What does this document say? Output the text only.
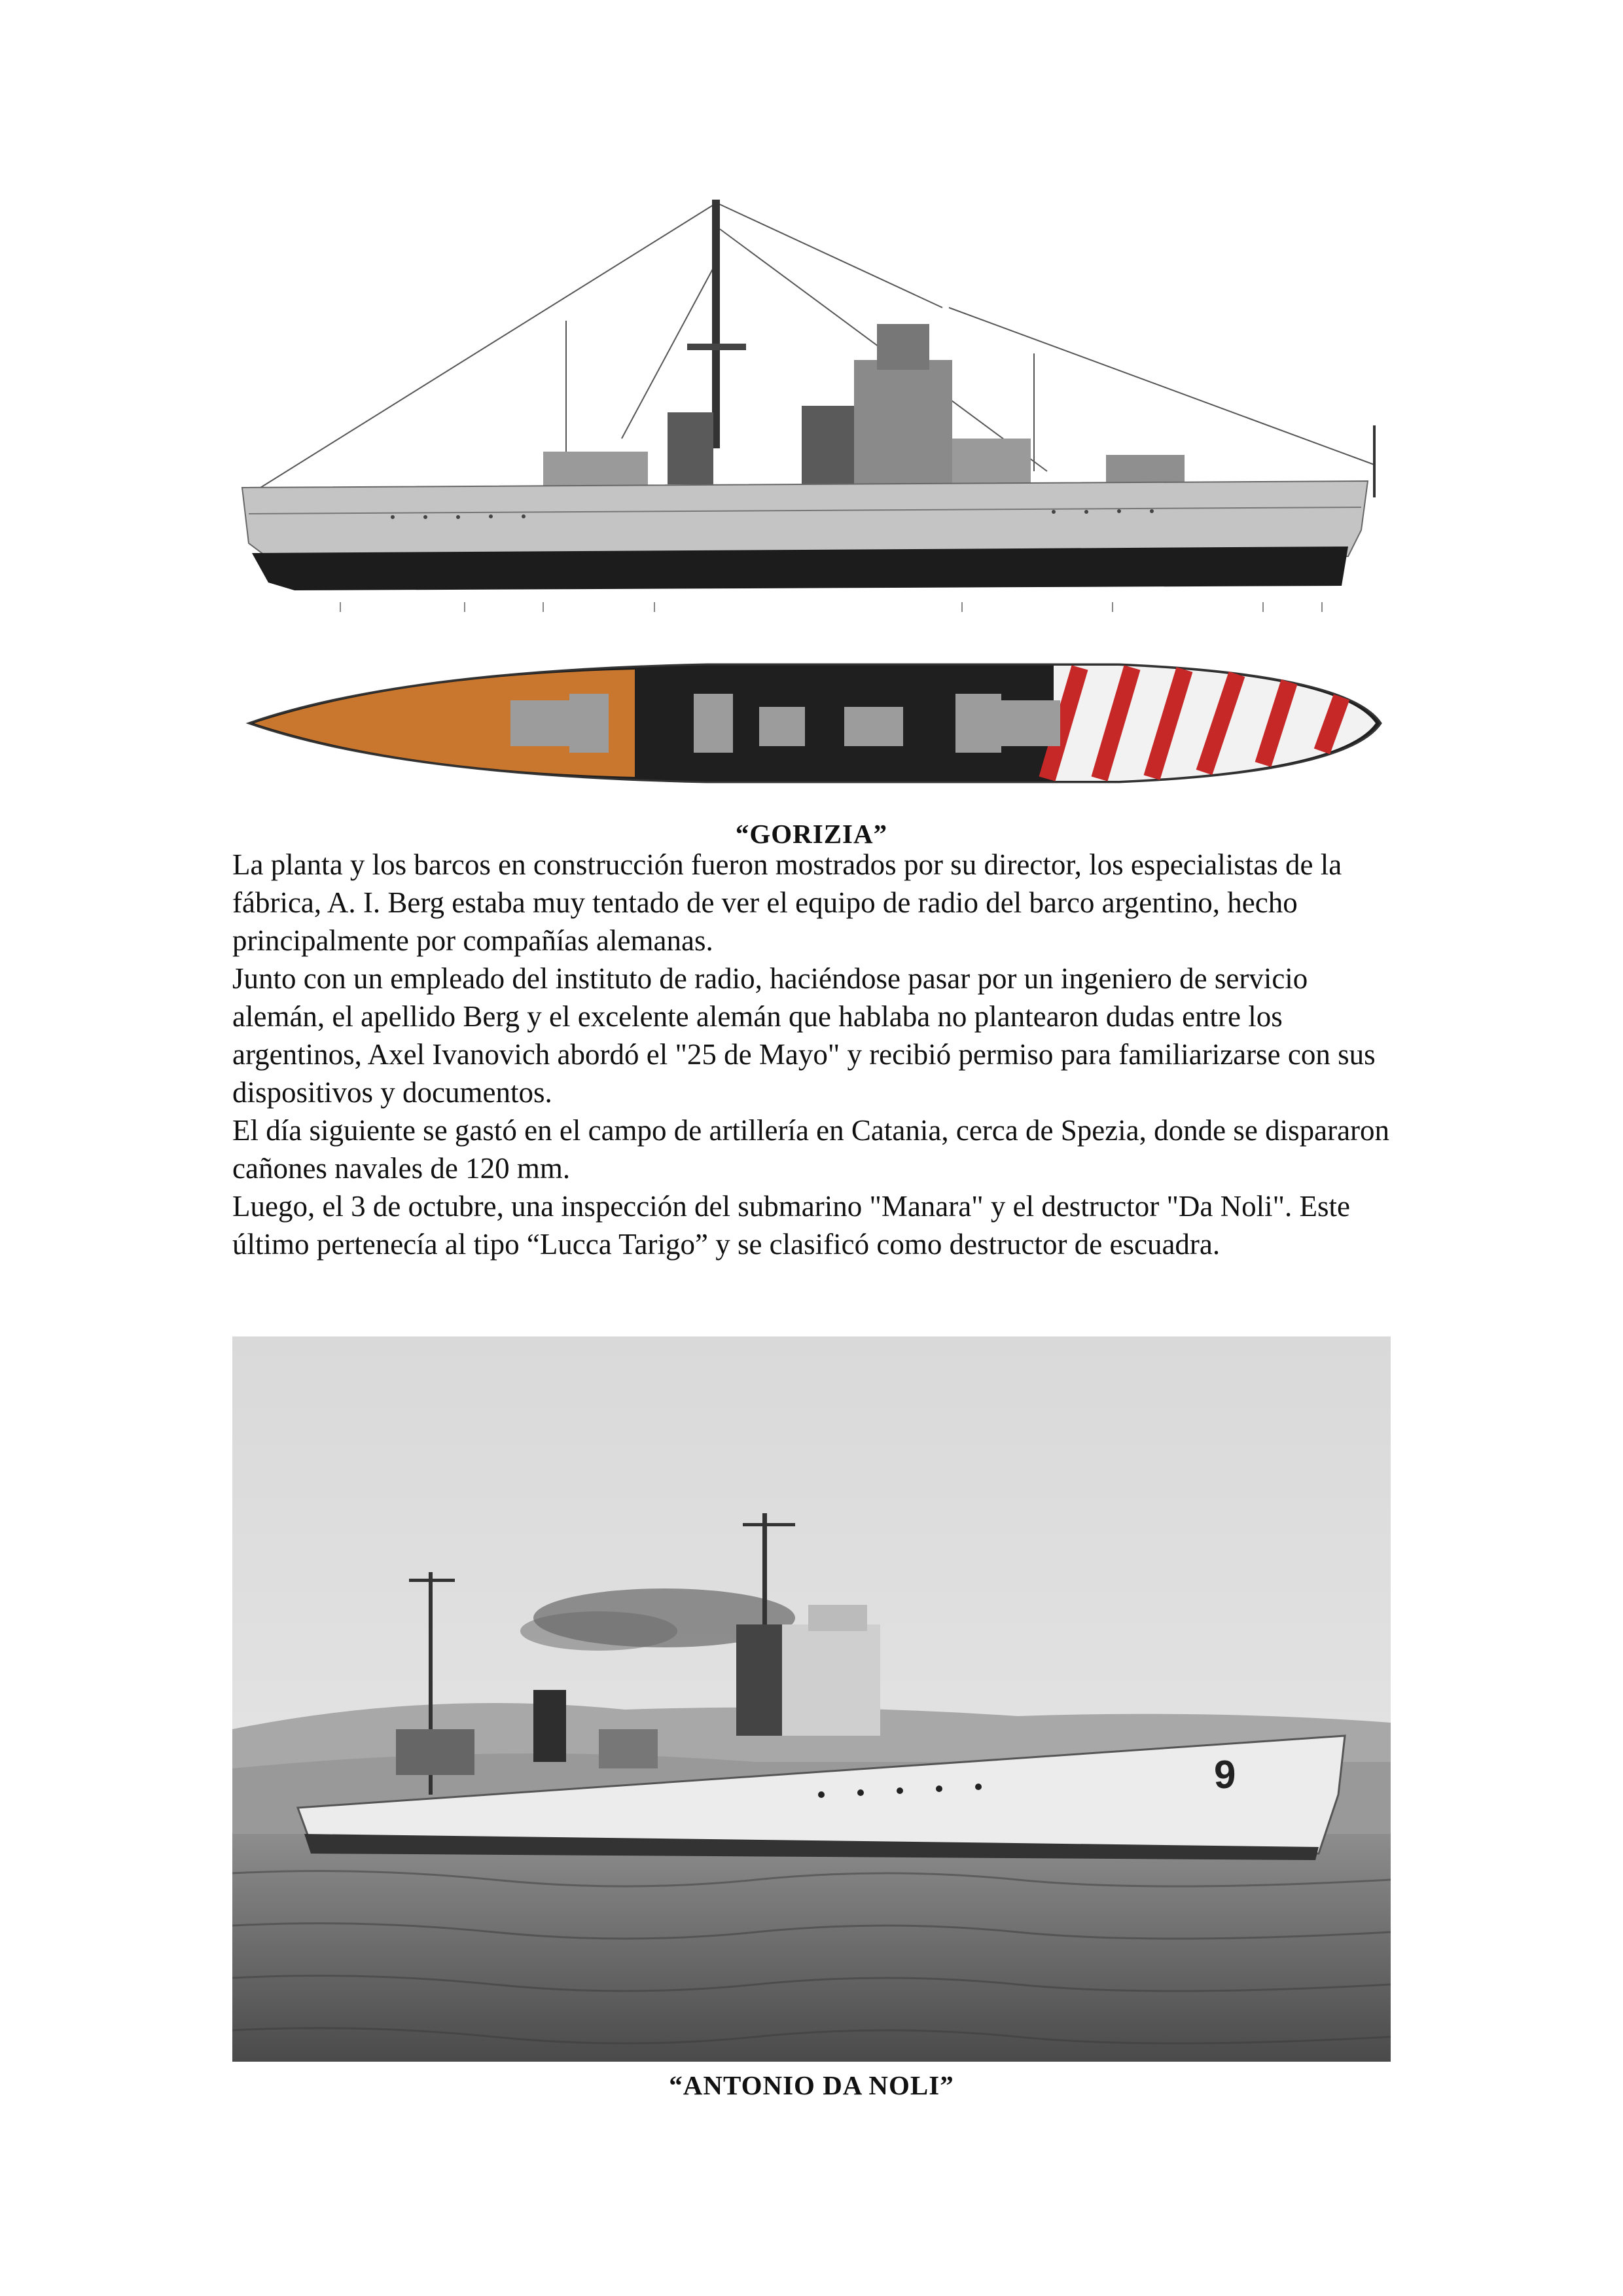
“GORIZIA”

La planta y los barcos en construcción fueron mostrados por su director, los especialistas de la fábrica, A. I. Berg estaba muy tentado de ver el equipo de radio del barco argentino, hecho principalmente por compañías alemanas.

Junto con un empleado del instituto de radio, haciéndose pasar por un ingeniero de servicio alemán, el apellido Berg y el excelente alemán que hablaba no plantearon dudas entre los argentinos, Axel Ivanovich abordó el "25 de Mayo" y recibió permiso para familiarizarse con sus dispositivos y documentos.

El día siguiente se gastó en el campo de artillería en Catania, cerca de Spezia, donde se dispararon cañones navales de 120 mm.

Luego, el 3 de octubre, una inspección del submarino "Manara" y el destructor "Da Noli". Este último pertenecía al tipo “Lucca Tarigo” y se clasificó como destructor de escuadra.

9
“ANTONIO DA NOLI”
